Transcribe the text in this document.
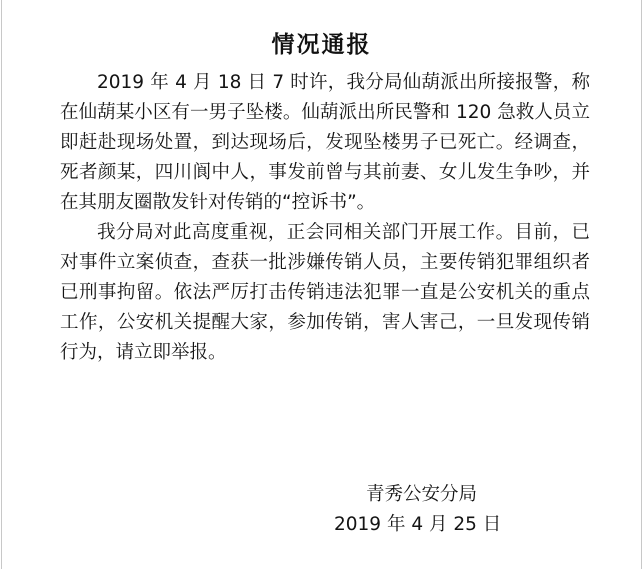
情况通报

2019 年 4 月 18 日 7 时许，我分局仙葫派出所接报警，称在仙葫某小区有一男子坠楼。仙葫派出所民警和 120 急救人员立即赶赴现场处置，到达现场后，发现坠楼男子已死亡。经调查，死者颜某，四川阆中人，事发前曾与其前妻、女儿发生争吵，并在其朋友圈散发针对传销的“控诉书”。

我分局对此高度重视，正会同相关部门开展工作。目前，已对事件立案侦查，查获一批涉嫌传销人员，主要传销犯罪组织者已刑事拘留。依法严厉打击传销违法犯罪一直是公安机关的重点工作，公安机关提醒大家，参加传销，害人害己，一旦发现传销行为，请立即举报。

青秀公安分局
2019 年 4 月 25 日
